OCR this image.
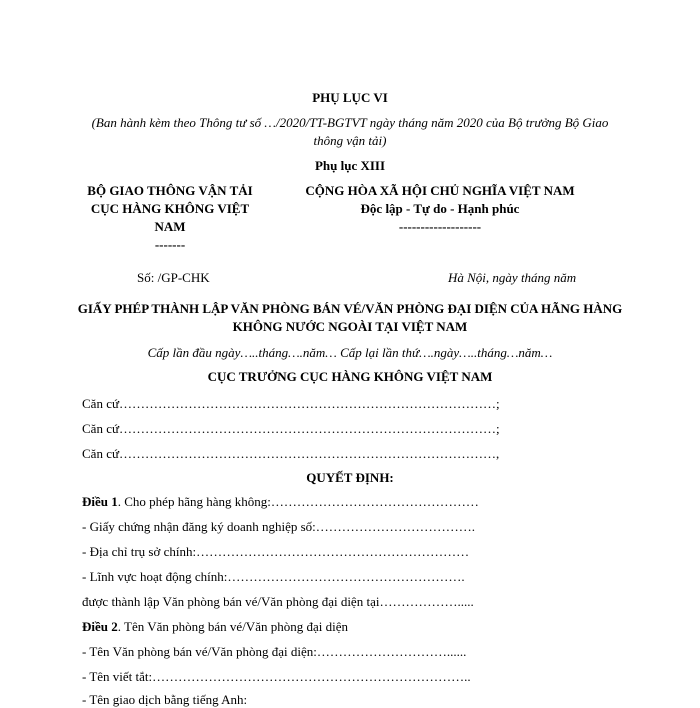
PHỤ LỤC VI
(Ban hành kèm theo Thông tư số …/2020/TT-BGTVT ngày tháng năm 2020 của Bộ trưởng Bộ Giao thông vận tải)
Phụ lục XIII
BỘ GIAO THÔNG VẬN TẢI
CỤC HÀNG KHÔNG VIỆT
NAM
-------
CỘNG HÒA XÃ HỘI CHỦ NGHĨA VIỆT NAM
Độc lập - Tự do - Hạnh phúc
-------------------
Số: /GP-CHK	Hà Nội, ngày tháng năm
GIẤY PHÉP THÀNH LẬP VĂN PHÒNG BÁN VÉ/VĂN PHÒNG ĐẠI DIỆN CỦA HÃNG HÀNG KHÔNG NƯỚC NGOÀI TẠI VIỆT NAM
Cấp lần đầu ngày…..tháng….năm… Cấp lại lần thứ….ngày…..tháng…năm…
CỤC TRƯỞNG CỤC HÀNG KHÔNG VIỆT NAM
Căn cứ……………………………………………………………………………;
Căn cứ……………………………………………………………………………;
Căn cứ……………………………………………………………………………,
QUYẾT ĐỊNH:
Điều 1. Cho phép hãng hàng không:…………………………………………
- Giấy chứng nhận đăng ký doanh nghiệp số:……………………………….
- Địa chỉ trụ sở chính:………………………………………………………
- Lĩnh vực hoạt động chính:……………………………………………….
được thành lập Văn phòng bán vé/Văn phòng đại diện tại……………….....
Điều 2. Tên Văn phòng bán vé/Văn phòng đại diện
- Tên Văn phòng bán vé/Văn phòng đại diện:…………………………......
- Tên viết tắt:………………………………………………………………..
- Tên giao dịch bằng tiếng Anh:
